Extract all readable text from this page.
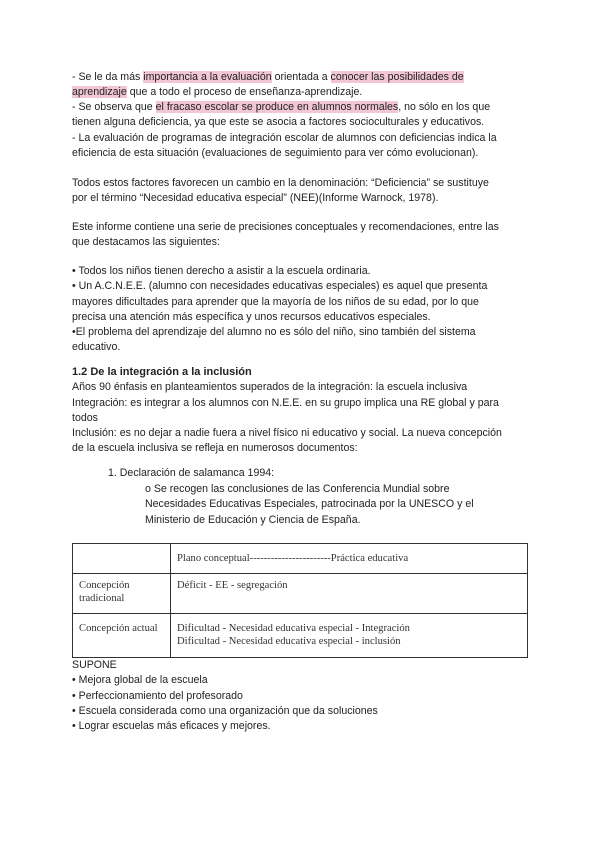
- Se le da más importancia a la evaluación orientada a conocer las posibilidades de
aprendizaje que a todo el proceso de enseñanza-aprendizaje.

- Se observa que el fracaso escolar se produce en alumnos normales, no sólo en los que
tienen alguna deficiencia, ya que este se asocia a factores socioculturales y educativos.

- La evaluación de programas de integración escolar de alumnos con deficiencias indica la
eficiencia de esta situación (evaluaciones de seguimiento para ver cómo evolucionan).

Todos estos factores favorecen un cambio en la denominación: “Deficiencia” se sustituye
por el término “Necesidad educativa especial” (NEE)(Informe Warnock, 1978).

Este informe contiene una serie de precisiones conceptuales y recomendaciones, entre las
que destacamos las siguientes:

• Todos los niños tienen derecho a asistir a la escuela ordinaria.
• Un A.C.N.E.E. (alumno con necesidades educativas especiales) es aquel que presenta
mayores dificultades para aprender que la mayoría de los niños de su edad, por lo que
precisa una atención más específica y unos recursos educativos especiales.
•El problema del aprendizaje del alumno no es sólo del niño, sino también del sistema
educativo.

1.2 De la integración a la inclusión
Años 90 énfasis en planteamientos superados de la integración: la escuela inclusiva
Integración: es integrar a los alumnos con N.E.E. en su grupo implica una RE global y para
todos
Inclusión: es no dejar a nadie fuera a nivel físico ni educativo y social. La nueva concepción
de la escuela inclusiva se refleja en numerosos documentos:

1. Declaración de salamanca 1994:

o Se recogen las conclusiones de las Conferencia Mundial sobre
Necesidades Educativas Especiales, patrocinada por la UNESCO y el
Ministerio de Educación y Ciencia de España.

Plano conceptual-----------------------Práctica educativa
Concepción
tradicional
Déficit - EE - segregación
Concepción actual	Dificultad - Necesidad educativa especial - Integración
Dificultad - Necesidad educativa especial - inclusión

SUPONE
• Mejora global de la escuela
• Perfeccionamiento del profesorado
• Escuela considerada como una organización que da soluciones
• Lograr escuelas más eficaces y mejores.
